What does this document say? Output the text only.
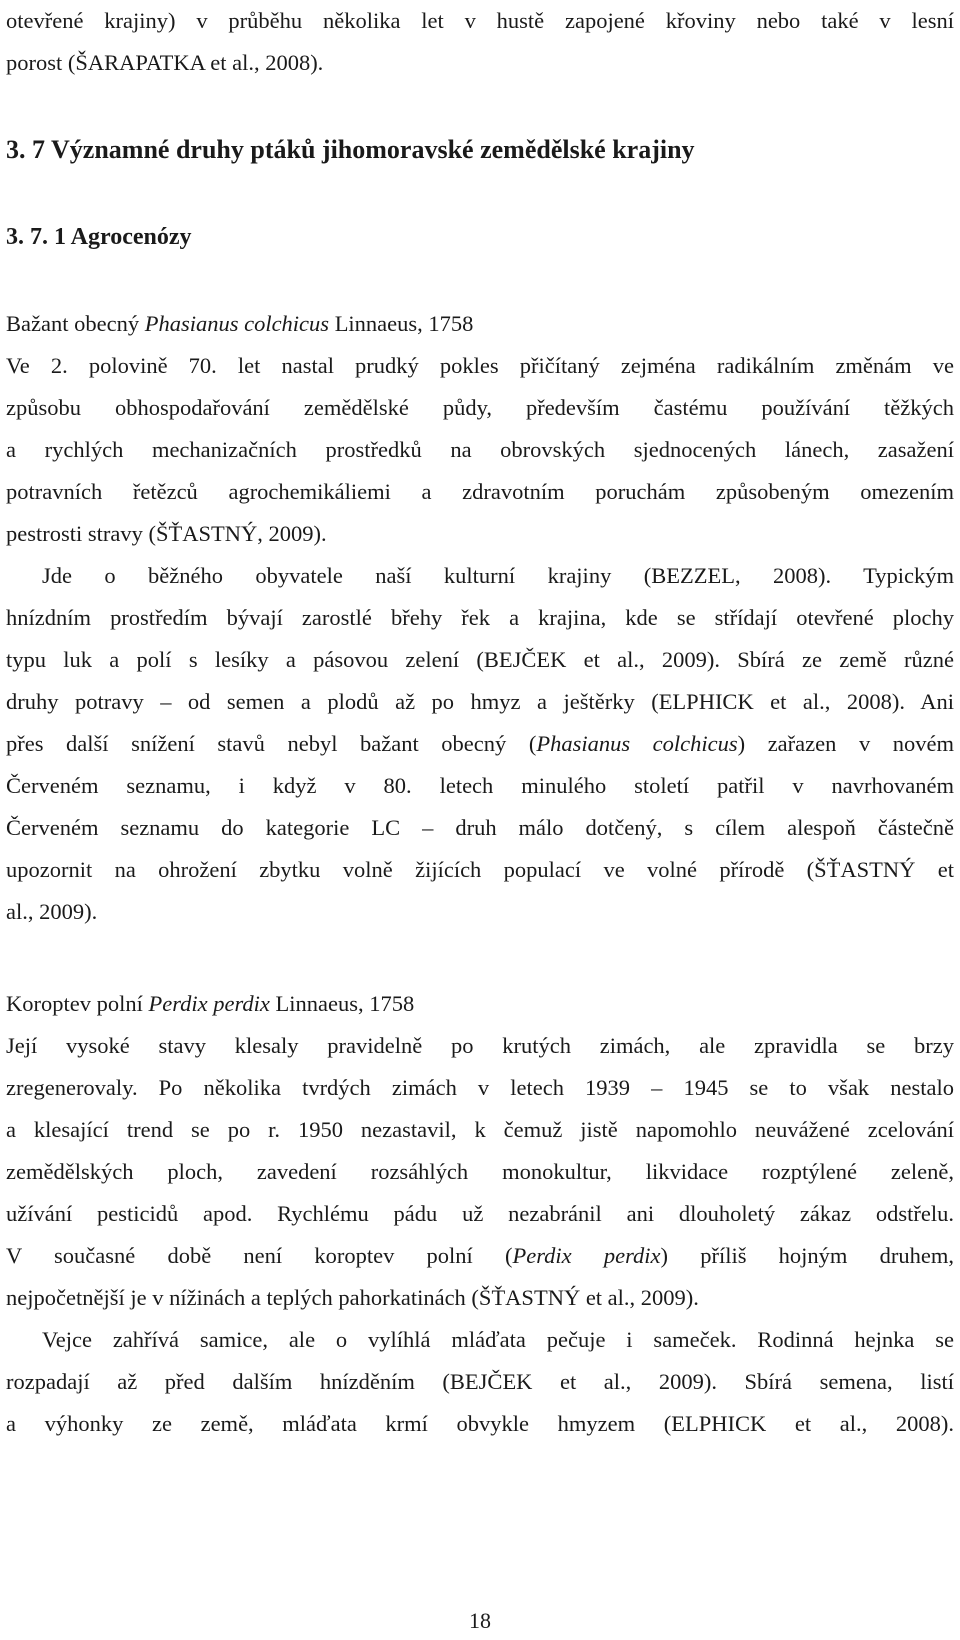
otevřené krajiny) v průběhu několika let v hustě zapojené křoviny nebo také v lesní
porost (ŠARAPATKA et al., 2008).
3. 7 Významné druhy ptáků jihomoravské zemědělské krajiny
3. 7. 1 Agrocenózy
Bažant obecný Phasianus colchicus Linnaeus, 1758
Ve 2. polovině 70. let nastal prudký pokles přičítaný zejména radikálním změnám ve
způsobu obhospodařování zemědělské půdy, především častému používání těžkých
a rychlých mechanizačních prostředků na obrovských sjednocených lánech, zasažení
potravních řetězců agrochemikáliemi a zdravotním poruchám způsobeným omezením
pestrosti stravy (ŠŤASTNÝ, 2009).
Jde o běžného obyvatele naší kulturní krajiny (BEZZEL, 2008). Typickým
hnízdním prostředím bývají zarostlé břehy řek a krajina, kde se střídají otevřené plochy
typu luk a polí s lesíky a pásovou zelení (BEJČEK et al., 2009). Sbírá ze země různé
druhy potravy – od semen a plodů až po hmyz a ještěrky (ELPHICK et al., 2008). Ani
přes další snížení stavů nebyl bažant obecný (Phasianus colchicus) zařazen v novém
Červeném seznamu, i když v 80. letech minulého století patřil v navrhovaném
Červeném seznamu do kategorie LC – druh málo dotčený, s cílem alespoň částečně
upozornit na ohrožení zbytku volně žijících populací ve volné přírodě (ŠŤASTNÝ et
al., 2009).
Koroptev polní Perdix perdix Linnaeus, 1758
Její vysoké stavy klesaly pravidelně po krutých zimách, ale zpravidla se brzy
zregenerovaly. Po několika tvrdých zimách v letech 1939 – 1945 se to však nestalo
a klesající trend se po r. 1950 nezastavil, k čemuž jistě napomohlo neuvážené zcelování
zemědělských ploch, zavedení rozsáhlých monokultur, likvidace rozptýlené zeleně,
užívání pesticidů apod. Rychlému pádu už nezabránil ani dlouholetý zákaz odstřelu.
V současné době není koroptev polní (Perdix perdix) příliš hojným druhem,
nejpočetnější je v nížinách a teplých pahorkatinách (ŠŤASTNÝ et al., 2009).
Vejce zahřívá samice, ale o vylíhlá mláďata pečuje i sameček. Rodinná hejnka se
rozpadají až před dalším hnízděním (BEJČEK et al., 2009). Sbírá semena, listí
a výhonky ze země, mláďata krmí obvykle hmyzem (ELPHICK et al., 2008).
18
